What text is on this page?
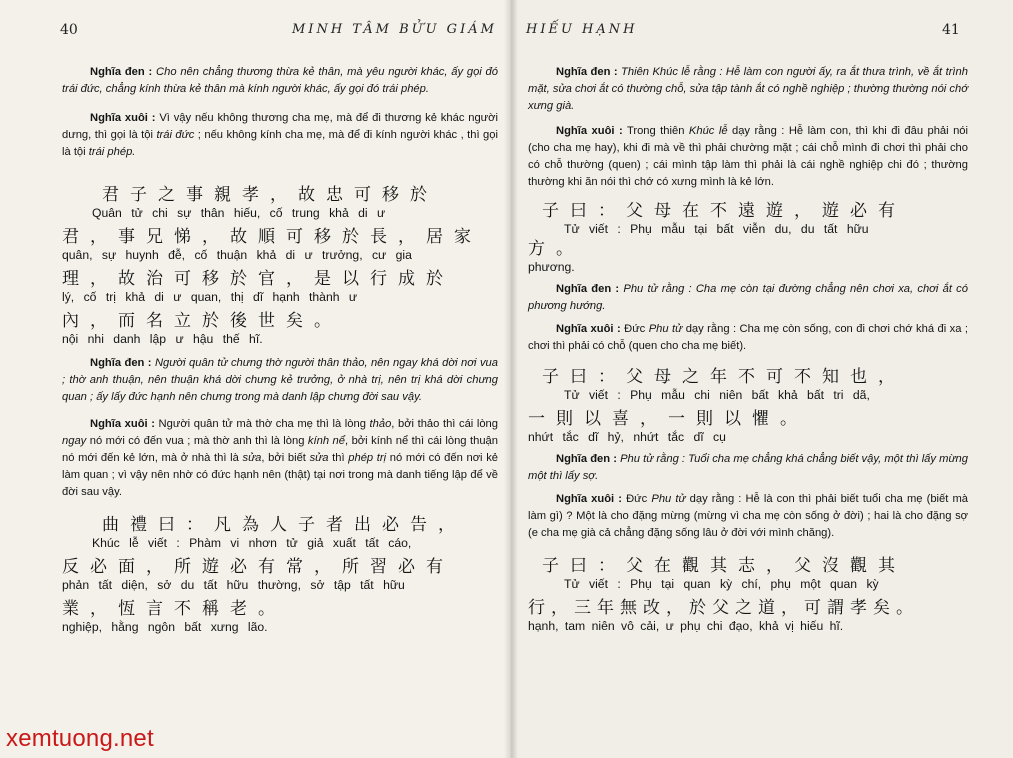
40	MINH TÂM BỬU GIÁM

Nghĩa đen : Cho nên chẳng thương thừa kẻ thân, mà yêu người khác, ấy gọi đó trái đức, chẳng kính thừa kẻ thân mà kính người khác, ấy gọi đó trái phép.

Nghĩa xuôi : Vì vậy nếu không thương cha mẹ, mà để đi thương kẻ khác người dưng, thì gọi là tội trái đức ; nếu không kính cha mẹ, mà để đi kính người khác , thì gọi là tội trái phép.

君子之事親孝，故忠可移於

Quân tử chi sự thân hiếu, cố trung khả di ư

君，事兄悌，故順可移於長，居家

quân, sự huynh đễ, cố thuận khả di ư trưởng, cư gia

理，故治可移於官，是以行成於

lý, cố trị khả di ư quan, thị dĩ hạnh thành ư

內，而名立於後世矣。

nội nhi danh lập ư hậu thế hĩ.

Nghĩa đen : Người quân tử chưng thờ người thân thảo, nên ngay khá dời nơi vua ; thờ anh thuận, nên thuận khá dời chưng kẻ trưởng, ở nhà trị, nên trị khá dời chưng quan ; ấy lấy đức hạnh nên chưng trong mà danh lập chưng đời sau vậy.

Nghĩa xuôi : Người quân tử mà thờ cha mẹ thì là lòng thảo, bởi thảo thì cái lòng ngay nó mới có đến vua ; mà thờ anh thì là lòng kính nể, bởi kính nể thì cái lòng thuận nó mới đến kẻ lớn, mà ở nhà thì là sửa, bởi biết sửa thì phép trị nó mới có đến nơi kẻ làm quan ; vì vậy nên nhờ có đức hạnh nên (thật) tại nơi trong mà danh tiếng lập để về đời sau vậy.

曲禮曰：凡為人子者出必告，

Khúc lễ viết : Phàm vi nhơn tử giả xuất tất cáo,

反必面，所遊必有常，所習必有

phản tất diện, sở du tất hữu thường, sở tập tất hữu

業，恆言不稱老。

nghiệp, hằng ngôn bất xưng lão.

HIẾU HẠNH	41

Nghĩa đen : Thiên Khúc lễ rằng : Hễ làm con người ấy, ra ắt thưa trình, về ắt trình mặt, sửa chơi ắt có thường chỗ, sửa tập tành ắt có nghề nghiệp ; thường thường nói chớ xưng già.

Nghĩa xuôi : Trong thiên Khúc lễ dạy rằng : Hễ làm con, thì khi đi đâu phải nói (cho cha mẹ hay), khi đi mà về thì phải chường mặt ; cái chỗ mình đi chơi thì phải cho có chỗ thường (quen) ; cái mình tập làm thì phải là cái nghề nghiệp chi đó ; thường thường khi ăn nói thì chớ có xưng mình là kẻ lớn.

子曰：父母在不遠遊，遊必有

Tử viết : Phụ mẫu tại bất viễn du, du tất hữu

方。

phương.

Nghĩa đen : Phu tử rằng : Cha mẹ còn tại đường chẳng nên chơi xa, chơi ắt có phương hướng.

Nghĩa xuôi : Đức Phu tử dạy rằng : Cha mẹ còn sống, con đi chơi chớ khá đi xa ; chơi thì phải có chỗ (quen cho cha mẹ biết).

子曰：父母之年不可不知也，

Tử viết : Phụ mẫu chi niên bất khả bất tri dã,

一則以喜，一則以懼。

nhứt tắc dĩ hỷ, nhứt tắc dĩ cụ

Nghĩa đen : Phu tử rằng : Tuổi cha mẹ chẳng khá chẳng biết vậy, một thì lấy mừng một thì lấy sợ.

Nghĩa xuôi : Đức Phu tử dạy rằng : Hễ là con thì phải biết tuổi cha mẹ (biết mà làm gì) ? Một là cho đặng mừng (mừng vì cha mẹ còn sống ở đời) ; hai là cho đặng sợ (e cha mẹ già cả chẳng đặng sống lâu ở đời với mình chăng).

子曰：父在觀其志，父沒觀其

Tử viết : Phụ tại quan kỳ chí, phụ một quan kỳ

行，三年無改，於父之道，可謂孝矣。

hạnh, tam niên vô cải, ư phụ chi đạo, khả vị hiếu hĩ.

xemtuong.net
